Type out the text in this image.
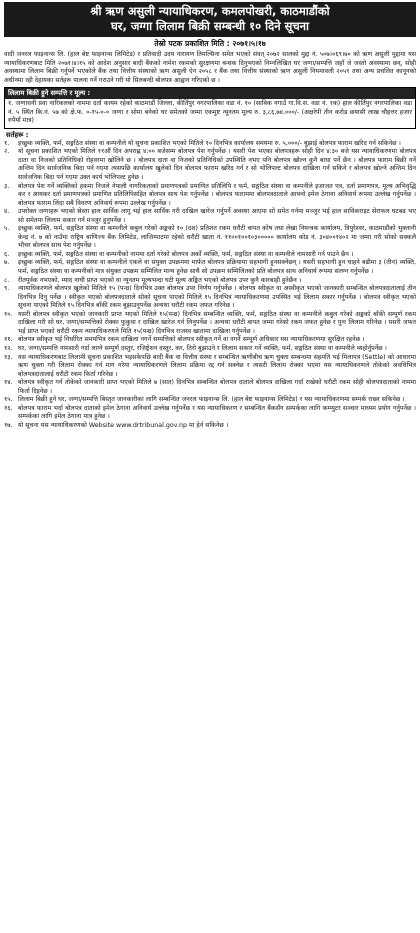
श्री ऋण असुली न्यायाधिकरण, कमलपोखरी, काठमाडौंको
घर, जग्गा लिलाम बिक्री सम्बन्धी १० दिने सूचना
तेस्रो पटक प्रकाशित मिति : २०७१।५।१७
वादी जनरल फाइनान्स लि. (हाल बेष्ट फाइनान्स लिमिटेड) र प्रतिवादी उदय नारायण तिमल्सिना समेत भएको संवत् २०७२ सालको मुद्दा नं. ५०७।०६९।७० को ऋण असुली मुद्दामा यस न्यायाधिकरणबाट मिति २०७१।४।१५ को आदेश अनुसार बादी बैंकको नामेश रकमको सुरक्षणमा बन्धक दिनुभएको निम्नलिखित घर जग्गा/सम्पत्ति जहाँ जे जस्तो अवस्थामा छन्, सोही अवस्थामा लिलाम बिक्री गर्नुपर्ने भएकोले बैंक तथा वित्तीय संस्थाको ऋण असुली ऐन २०५८ र बैंक तथा वित्तीय संस्थाको ऋण असुली नियमावली २०५९ तथा अन्य प्रचलित कानूनको अधीनमा रही देहायका सर्तहरू पालना गर्ने गराउने गरी यो सिलबन्दी बोलपत्र आह्वान गरिएको छ ।
लिलाम बिक्री हुने सम्पत्ति र मूल्य :
१. जग्गाधनी प्रवा नारिकलको नाममा दर्ता कायम रहेको काठमाडौं जिल्ला, कीर्तिपुर नगरपालिका वडा नं. १० (साबिक नगाउँ गा.वि.स. वडा नं. १क) हाल कीर्तिपुर नगरपालिका वडा नं. ५ स्थित कि.नं. ५७ को क्षे.फ. ०-१५-०-० जग्गा र सोमा बनेको घर समेतको जम्मा एकमुष्ट न्यूनतम मूल्य रु. ३,८६,७४,०००/- (अक्षरेपी तीन करोड छयासी लाख चौहत्तर हजार रुपैयाँ मात्र)
सर्तहरू :
१.	इच्छुक व्यक्ति, फर्म, सङ्गठित संस्था वा कम्पनीले यो सूचना प्रकाशित भएको मितिले १० दिनभित्र कार्यालय समयमा रु. ५,०००/- बुझाई बोलपत्र फाराम खरिद गर्न सकिनेछ ।
२.	यो सूचना प्रकाशित भएको मितिले ११औं दिन अपराह्न ४:०० बजेसम्म बोलपत्र पेश गर्नुपर्नेछ । यसरी पेश भएका बोलपत्रहरू सोही दिन ४:३० बजे यस न्यायाधिकरणमा बोलपत्र दाता वा निजको प्रतिनिधिको रोहवरमा खोलिने छ । बोलपत्र दाता वा निजको प्रतिनिधिको उपस्थिति नभए पनि बोलपत्र खोल्न कुनै बाधा पर्ने छैन । बोलपत्र फाराम बिक्री गर्ने अन्तिम दिन सार्वजनिक बिदा पर्न गएमा त्यसपछि कार्यालय खुलेको दिन बोलपत्र फाराम खरिद गर्न र सो भोलिपल्ट बोलपत्र दाखिला गर्न सकिने र बोलपत्र खोल्ने अन्तिम दिन सार्वजनिक बिदा पर्न गएमा उक्त कार्य भोलिपल्ट हुनेछ ।
३.	बोलपत्र पेश गर्ने व्यक्तिको हकमा निजले नेपाली नागरिकताको प्रमाणपत्रको प्रमाणित प्रतिलिपि र फर्म, सङ्गठित संस्था वा कम्पनीले इजाजत पत्र, दर्ता प्रमाणपत्र, मूल्य अभिवृद्धि कर र आयकर दर्ता प्रमाणपत्रको प्रमाणित प्रतिलिपिसहित बोलपत्र साथ पेश गर्नुपर्नेछ । बोलपत्र फाराममा बोलपत्रदाताले आफ्नो इमेल ठेगाना अनिवार्य रूपमा उल्लेख गर्नुपर्नेछ । बोलपत्र फाराम लिंदा सबै विवरण अनिवार्य रूपमा उल्लेख गर्नुपर्नेछ ।
४.	उपरोक्त जग्गाहरू भएको स्रेस्ता हाल सार्विक लागू भई हाल सार्विक गरी दाखिल खारेज गर्नुपर्ने अवस्था आएमा सो समेत गर्नमा मञ्जुर भई हाल साविकराइट सेराफल घटबढ भए सो समेतमा लिलाम सकार गर्न मञ्जुर हुनुपर्नेछ ।
५.	इच्छुक व्यक्ति, फर्म, सङ्गठित संस्था वा कम्पनीले कबुल गरेको अङ्कको १० (दश) प्रतिशत रकम धरौटी बापत कोष तथा लेखा नियन्त्रक कार्यालय, त्रिपुरेश्वर, काठमाडौंको भुक्तानी केन्द्र नं. ७ को नाउँमा राष्ट्रिय बाणिज्य बैंक लिमिटेड, लाजिम्पाटमा रहेको धरौटी खाता नं. ११००१००१०३००००० कार्यालय कोड नं. ३०४००१४०२ मा जम्मा गरी सोको सक्कलै भौचर बोलपत्र साथ पेश गर्नुपर्नेछ ।
६.	इच्छुक व्यक्ति, फर्म, सङ्गठित संस्था वा कम्पनीको नाममा दर्ता गरेको बोलपत्र अर्को व्यक्ति, फर्म, सङ्गठित संस्था वा कम्पनीले नामसारी गर्न पाउने छैन ।
७.	इच्छुक व्यक्ति, फर्म, सङ्गठित संस्था वा कम्पनीले एकले वा संयुक्त उपक्रममा मार्फत बोलपत्र प्रक्रियामा सहभागी हुनसक्नेछन् । यसरी सहभागी हुन चाहने बढीमा ३ (तीन) व्यक्ति, फर्म, सङ्गठित संस्था वा कम्पनीको मात्र संयुक्त उपक्रम सम्मिलित मान्य हुनेछ साथै सो उपक्रम सम्मिलितको प्रति बोलपत्र साथ अनिवार्य रूपमा संलग्न गर्नुपर्नेछ ।
८.	रीतपूर्वक नभएको, म्याद नाघी प्राप्त भएको वा न्यूनतम मूल्यभन्दा घटी मूल्य अङ्कित भएको बोलपत्र उपर कुनै कारबाही हुनेछैन ।
९.	न्यायाधिकरणले बोलपत्र खुलेको मितिले १५ (पन्ध्र) दिनभित्र उक्त बोलपत्र उपर निर्णय गर्नुपर्नेछ । बोलपत्र स्वीकृत वा अस्वीकृत भएको जानकारी सम्बन्धित बोलपत्रदातालाई तीन दिनभित्र दिनु पर्नेछ । स्वीकृत भएको बोलपत्रदाताले सोको सूचना पाएको मितिले १५ दिनभित्र न्यायाधिकरणमा उपस्थित भई लिलाम सकार गर्नुपर्नेछ । बोलपत्र स्वीकृत भएको सूचना पाएको मितिले १५ दिनभित्र बाँकी रकम बुझाउनुपर्नेछ अन्यथा धरौटी रकम जफत गरिनेछ ।
१०. यसरी बोलपत्र स्वीकृत भएको जानकारी प्राप्त भएको मितिले १५(पन्ध्र) दिनभित्र सम्बन्धित व्यक्ति, फर्म, सङ्गठित संस्था वा कम्पनीले कबुल गरेको अङ्कको बाँकी सम्पूर्ण रकम दाखिला गरी सो घर, जग्गा/सम्पत्तिको रोक्का फुकुवा र दाखिल खारेज गर्न लिनुपर्नेछ । अन्यथा धरौटी बापत जम्मा गरेको रकम जफत हुनेछ र पुनः लिलाम गरिनेछ । यसरी जफत भई प्राप्त भएको धरौटी रकम न्यायाधिकरणले मिति १५(पन्ध्र) दिनभित्र राजस्व खातामा दाखिला गर्नुपर्नेछ ।
११. बोलपत्र स्वीकृत भई निर्धारित समयभित्र रकम दाखिला नगर्ने सम्पत्तिको बोलपत्र स्वीकृत गर्ने वा नगर्ने सम्पूर्ण अधिकार यस न्यायाधिकरणमा सुरक्षित रहनेछ ।
१२. घर, जग्गा/सम्पत्ति नामसारी गर्दा लाग्ने सम्पूर्ण दस्तुर, रजिष्ट्रेशन दस्तुर, कर, तिरो बुझाउने र लिलाम सकार गर्ने व्यक्ति, फर्म, सङ्गठित संस्था वा कम्पनीले व्यहोर्नुपर्नेछ ।
१३. यस न्यायाधिकरणबाट लिलामी सूचना प्रकाशित भइसकेपछि बादी बैंक वा वित्तीय संस्था र सम्बन्धित ऋणीबीच ऋण चुक्ता सम्बन्धमा सहमति भई मिलापत्र (Settle) को आधारमा ऋण चुक्ता गरी लिलाम रोक्का गर्न माग गरेमा न्यायाधिकरणले लिलाम प्रक्रिया रद्द गर्न सक्नेछ र त्यसरी लिलाम रोक्का भएमा यस न्यायाधिकरणले तोकेको अवधिभित्र बोलपत्रदातालाई धरौटी रकम फिर्ता गरिनेछ ।
१४. बोलपत्र स्वीकृत गर्न तोकेको जानकारी प्राप्त भएको मितिले ७ (सात) दिनभित्र सम्बन्धित बोलपत्र दाताले बोलपत्र दाखिला गर्दा राखेको धरौटी रकम सोही बोलपत्रदाताको नाममा फिर्ता दिइनेछ ।
१५. लिलाम बिक्री हुने घर, जग्गा/सम्पत्ति बिस्तृत जानकारीका लागि सम्बन्धित जनरल फाइनान्स लि. (हाल बेष्ट फाइनान्स लिमिटेड) र यस न्यायाधिकरणमा सम्पर्क राख्न सकिनेछ ।
१६. बोलपत्र फाराम भर्दा बोलपत्र दाताको इमेल ठेगाना अनिवार्य उल्लेख गर्नुपर्नेछ र यस न्यायाधिकरण र सम्बन्धित बैंकसँग सम्पर्कका लागि कम्प्युटर सञ्चार माध्यम प्रयोग गर्नुपर्नेछ । सम्पर्कका लागि इमेल ठेगाना मात्र हुनेछ ।
१७. यो सूचना यस न्यायाधिकरणको Website www.drtribunal.gov.np मा हेर्न सकिनेछ ।
